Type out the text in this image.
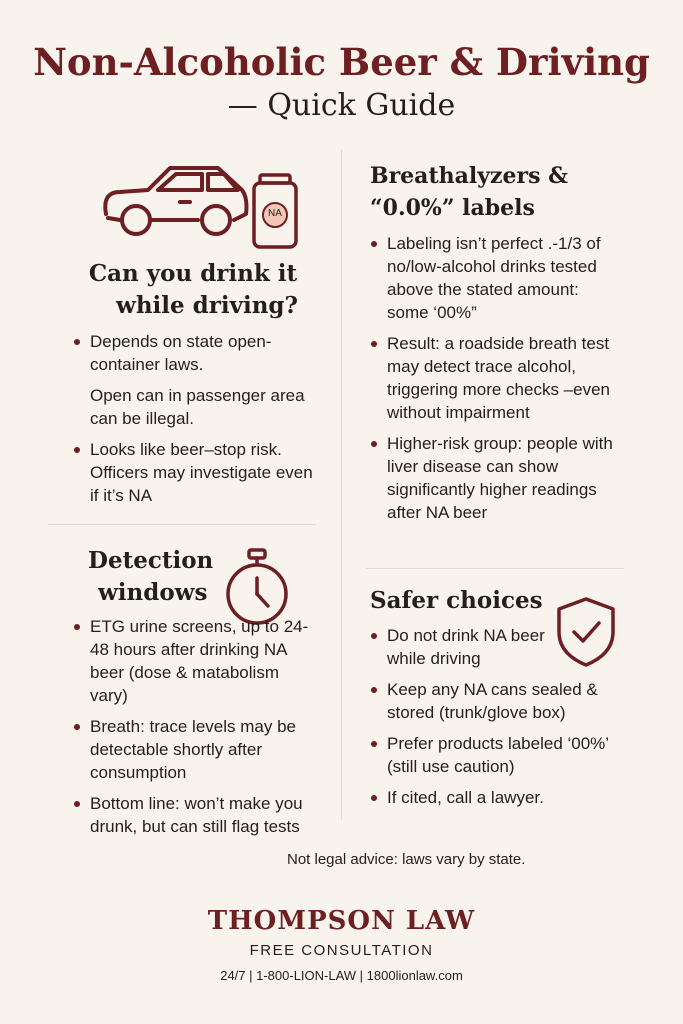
Non-Alcoholic Beer & Driving
— Quick Guide
NA
Can you drink it
while driving?
Depends on state open-container laws.
Open can in passenger area can be illegal.
Looks like beer–stop risk. Officers may investigate even if it’s NA
Detection
windows
ETG urine screens, up to 24-48 hours after drinking NA beer (dose & matabolism vary)
Breath: trace levels may be detectable shortly after consumption
Bottom line: won’t make you drunk, but can still flag tests
Breathalyzers &
“0.0%” labels
Labeling isn’t perfect .-1/3 of no/low-alcohol drinks tested above the stated amount: some ‘00%”
Result: a roadside breath test may detect trace alcohol, triggering more checks –even without impairment
Higher-risk group: people with liver disease can show significantly higher readings after NA beer
Safer choices
Do not drink NA beer while driving
Keep any NA cans sealed & stored (trunk/glove box)
Prefer products labeled ‘00%’ (still use caution)
If cited, call a lawyer.
Not legal advice: laws vary by state.
THOMPSON LAW
FREE CONSULTATION
24/7 | 1-800-LION-LAW | 1800lionlaw.com
